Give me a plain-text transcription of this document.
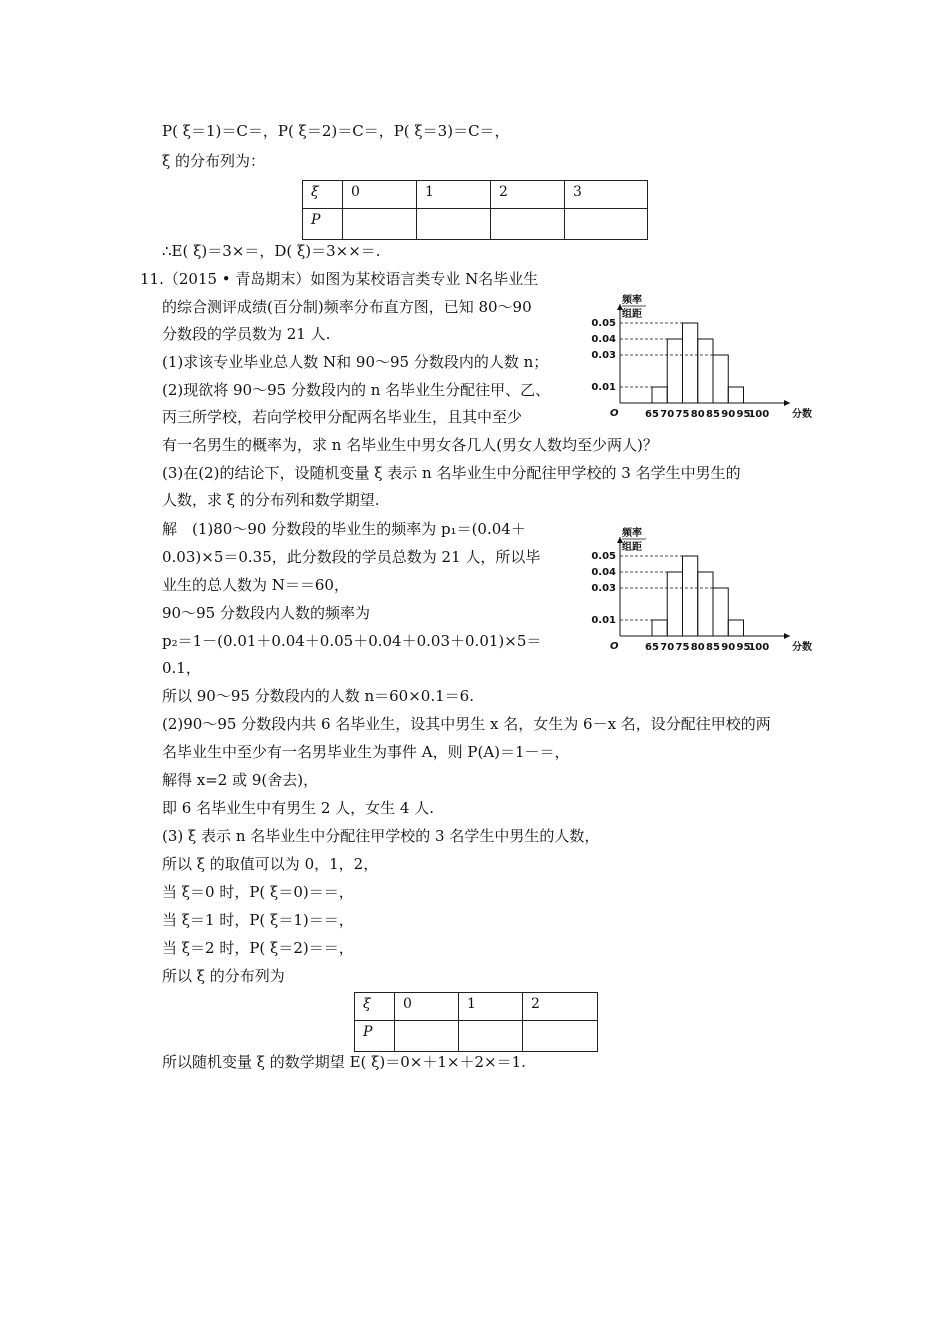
P( ξ＝1)＝C＝，P( ξ＝2)＝C＝，P( ξ＝3)＝C＝，
ξ 的分布列为：
ξ	0	1	2	3
P				
∴E( ξ)＝3×＝，D( ξ)＝3××＝.
11.（2015 • 青岛期末）如图为某校语言类专业 N名毕业生
的综合测评成绩(百分制)频率分布直方图，已知 80～90
分数段的学员数为 21 人.
(1)求该专业毕业总人数 N和 90～95 分数段内的人数 n；
(2)现欲将 90～95 分数段内的 n 名毕业生分配往甲、乙、
丙三所学校，若向学校甲分配两名毕业生，且其中至少
有一名男生的概率为，求 n 名毕业生中男女各几人(男女人数均至少两人)？
(3)在(2)的结论下，设随机变量 ξ 表示 n 名毕业生中分配往甲学校的 3 名学生中男生的
人数，求 ξ 的分布列和数学期望.
频率
组距
O
0.05
0.04
0.03
0.01
65 70 75 80 85 90 95
100 分数
解　(1)80～90 分数段的毕业生的频率为 p₁＝(0.04＋
0.03)×5＝0.35，此分数段的学员总数为 21 人，所以毕
业生的总人数为 N＝＝60，
90～95 分数段内人数的频率为
p₂＝1－(0.01＋0.04＋0.05＋0.04＋0.03＋0.01)×5＝
0.1，
所以 90～95 分数段内的人数 n＝60×0.1＝6.
(2)90～95 分数段内共 6 名毕业生，设其中男生 x 名，女生为 6－x 名，设分配往甲校的两
名毕业生中至少有一名男毕业生为事件 A，则 P(A)＝1－＝，
解得 x=2 或 9(舍去)，
即 6 名毕业生中有男生 2 人，女生 4 人.
(3) ξ 表示 n 名毕业生中分配往甲学校的 3 名学生中男生的人数，
所以 ξ 的取值可以为 0，1，2，
当 ξ＝0 时，P( ξ＝0)＝＝，
当 ξ＝1 时，P( ξ＝1)＝＝，
当 ξ＝2 时，P( ξ＝2)＝＝，
所以 ξ 的分布列为
频率
组距
O
0.05
0.04
0.03
0.01
65 70 75 80 85 90 95
100 分数
ξ	0	1	2
P			
所以随机变量 ξ 的数学期望 E( ξ)＝0×＋1×＋2×＝1.
